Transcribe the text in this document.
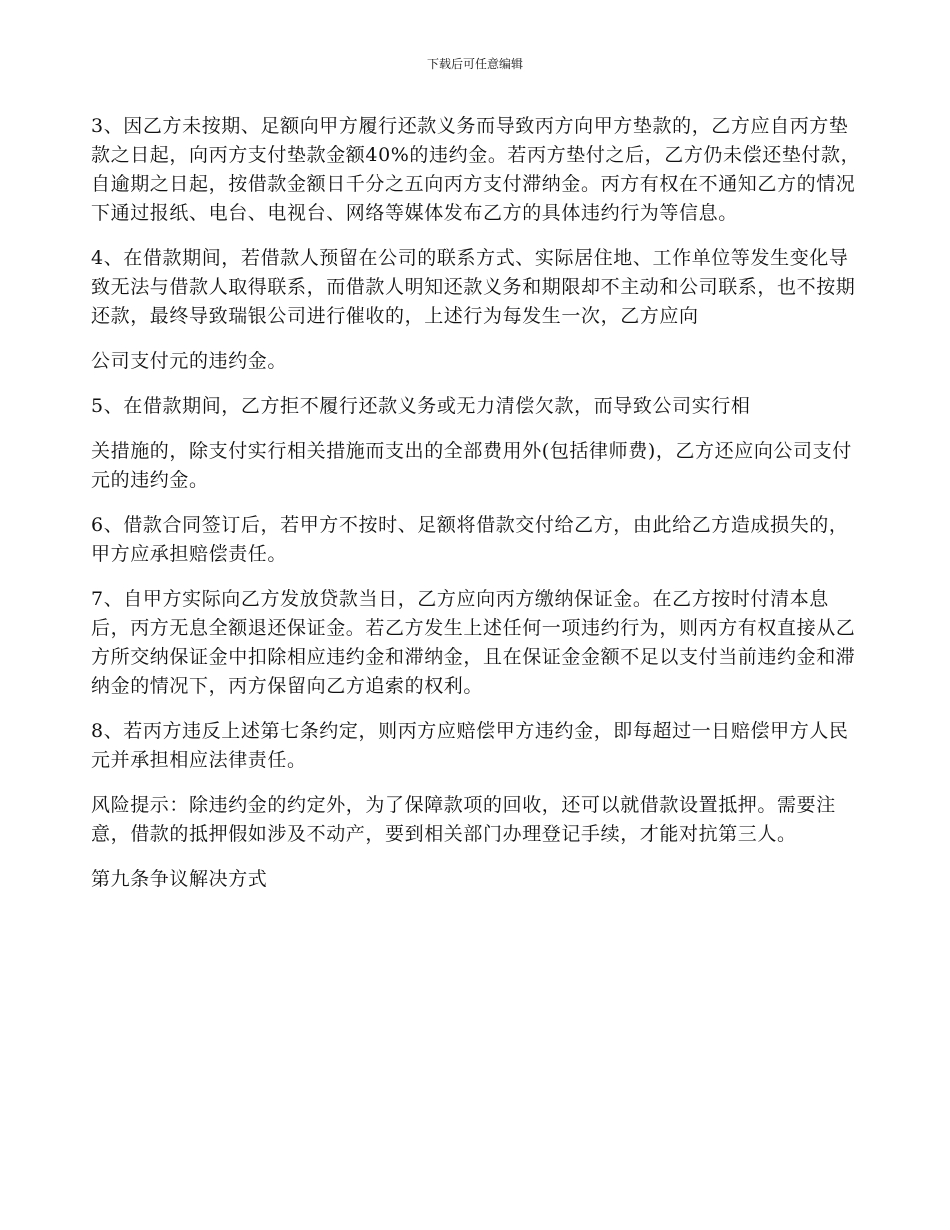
下载后可任意编辑

3、因乙方未按期、足额向甲方履行还款义务而导致丙方向甲方垫款的，乙方应自丙方垫款之日起，向丙方支付垫款金额40%的违约金。若丙方垫付之后，乙方仍未偿还垫付款，自逾期之日起，按借款金额日千分之五向丙方支付滞纳金。丙方有权在不通知乙方的情况下通过报纸、电台、电视台、网络等媒体发布乙方的具体违约行为等信息。

4、在借款期间，若借款人预留在公司的联系方式、实际居住地、工作单位等发生变化导致无法与借款人取得联系，而借款人明知还款义务和期限却不主动和公司联系，也不按期还款，最终导致瑞银公司进行催收的，上述行为每发生一次，乙方应向

公司支付元的违约金。

5、在借款期间，乙方拒不履行还款义务或无力清偿欠款，而导致公司实行相

关措施的，除支付实行相关措施而支出的全部费用外(包括律师费)，乙方还应向公司支付元的违约金。

6、借款合同签订后，若甲方不按时、足额将借款交付给乙方，由此给乙方造成损失的，甲方应承担赔偿责任。

7、自甲方实际向乙方发放贷款当日，乙方应向丙方缴纳保证金。在乙方按时付清本息后，丙方无息全额退还保证金。若乙方发生上述任何一项违约行为，则丙方有权直接从乙方所交纳保证金中扣除相应违约金和滞纳金，且在保证金金额不足以支付当前违约金和滞纳金的情况下，丙方保留向乙方追索的权利。

8、若丙方违反上述第七条约定，则丙方应赔偿甲方违约金，即每超过一日赔偿甲方人民元并承担相应法律责任。

风险提示：除违约金的约定外，为了保障款项的回收，还可以就借款设置抵押。需要注意，借款的抵押假如涉及不动产，要到相关部门办理登记手续，才能对抗第三人。

第九条争议解决方式
